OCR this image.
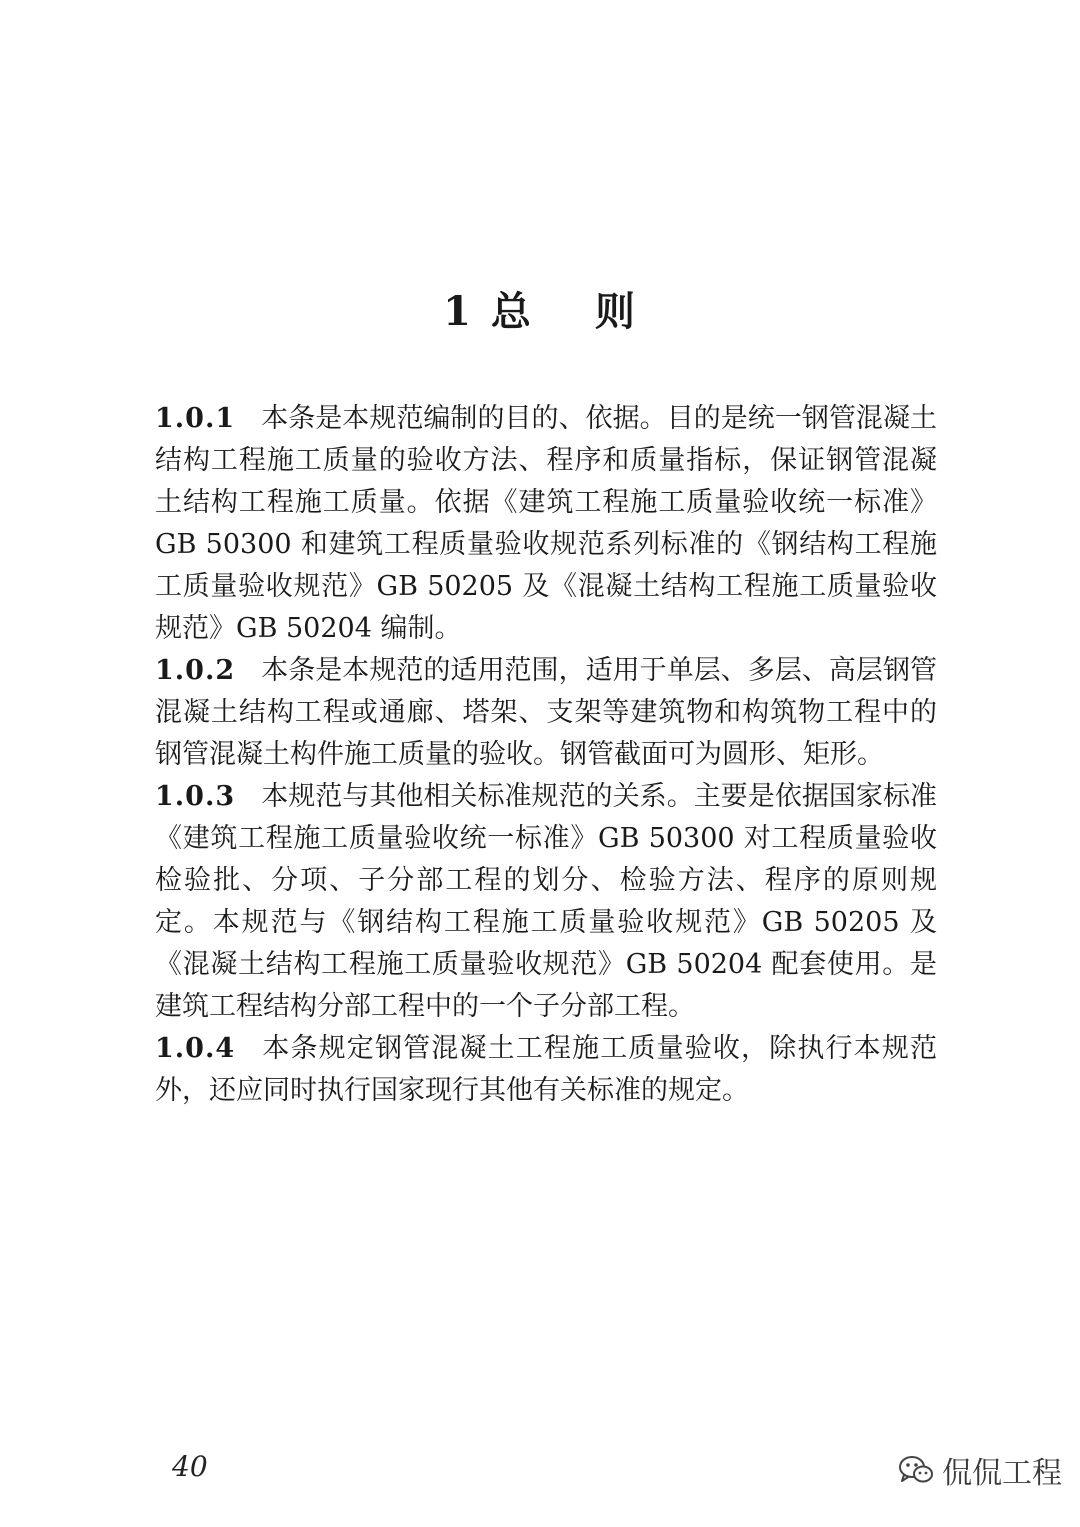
1 总 则

1.0.1 本条是本规范编制的目的、依据。目的是统一钢管混凝土结构工程施工质量的验收方法、程序和质量指标，保证钢管混凝土结构工程施工质量。依据《建筑工程施工质量验收统一标准》GB 50300 和建筑工程质量验收规范系列标准的《钢结构工程施工质量验收规范》GB 50205 及《混凝土结构工程施工质量验收规范》GB 50204 编制。

1.0.2 本条是本规范的适用范围，适用于单层、多层、高层钢管混凝土结构工程或通廊、塔架、支架等建筑物和构筑物工程中的钢管混凝土构件施工质量的验收。钢管截面可为圆形、矩形。

1.0.3 本规范与其他相关标准规范的关系。主要是依据国家标准《建筑工程施工质量验收统一标准》GB 50300 对工程质量验收检验批、分项、子分部工程的划分、检验方法、程序的原则规定。本规范与《钢结构工程施工质量验收规范》GB 50205 及《混凝土结构工程施工质量验收规范》GB 50204 配套使用。是建筑工程结构分部工程中的一个子分部工程。

1.0.4 本条规定钢管混凝土工程施工质量验收，除执行本规范外，还应同时执行国家现行其他有关标准的规定。

40	侃侃工程
